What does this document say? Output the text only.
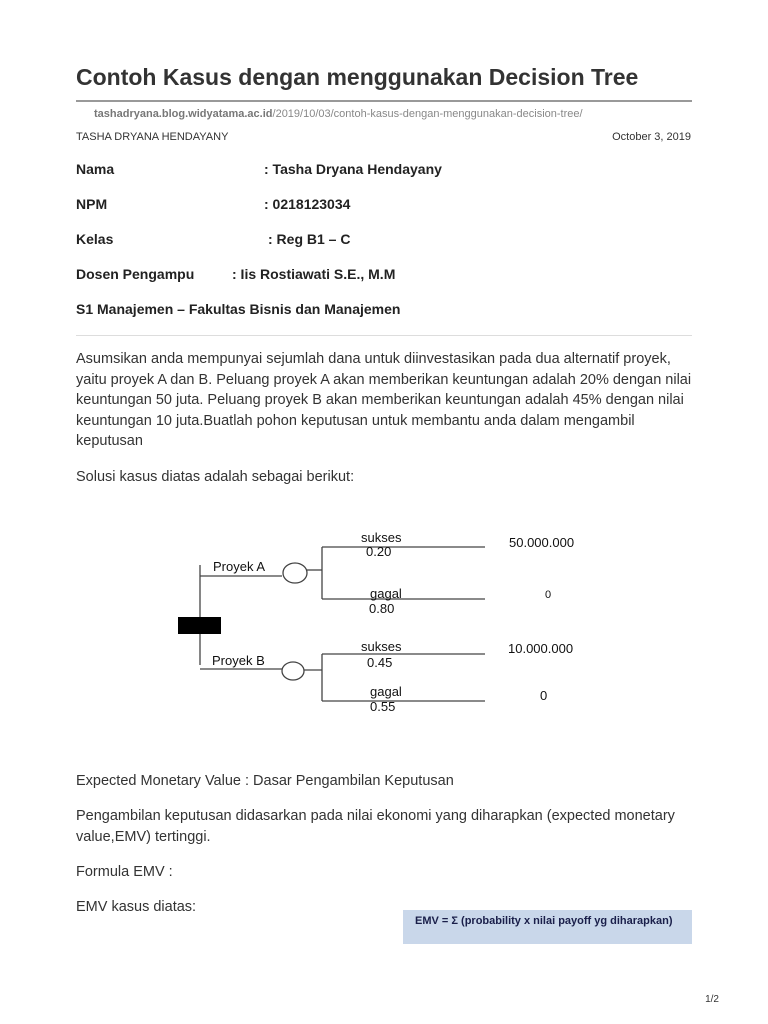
Contoh Kasus dengan menggunakan Decision Tree
tashadryana.blog.widyatama.ac.id/2019/10/03/contoh-kasus-dengan-menggunakan-decision-tree/
TASHA DRYANA HENDAYANY	October 3, 2019
Nama	: Tasha Dryana Hendayany
NPM	: 0218123034
Kelas	: Reg B1 – C
Dosen Pengampu	: Iis Rostiawati S.E., M.M
S1 Manajemen – Fakultas Bisnis dan Manajemen
Asumsikan anda mempunyai sejumlah dana untuk diinvestasikan pada dua alternatif proyek, yaitu proyek A dan B. Peluang proyek A akan memberikan keuntungan adalah 20% dengan nilai keuntungan 50 juta. Peluang proyek B akan memberikan keuntungan adalah 45% dengan nilai keuntungan 10 juta.Buatlah pohon keputusan untuk membantu anda dalam mengambil keputusan
Solusi kasus diatas adalah sebagai berikut:
Proyek A
Proyek B
sukses
0.20
gagal
0.80
sukses
0.45
gagal
0.55
50.000.000
0
10.000.000
0
Expected Monetary Value : Dasar Pengambilan Keputusan
Pengambilan keputusan didasarkan pada nilai ekonomi yang diharapkan (expected monetary value,EMV) tertinggi.
Formula EMV :
EMV kasus diatas:
EMV = Σ (probability x nilai payoff yg diharapkan)
1/2
